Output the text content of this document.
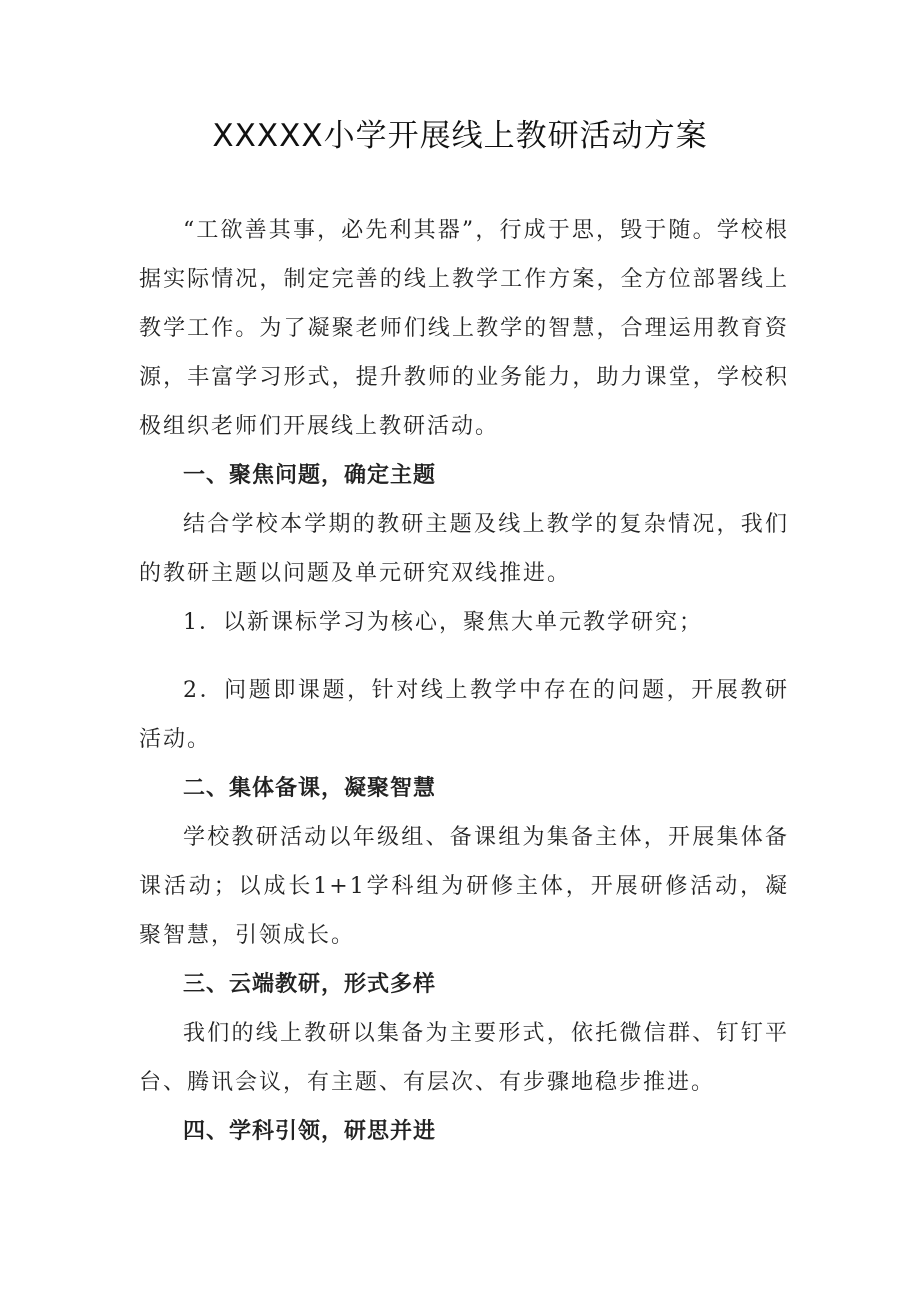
XXXXX小学开展线上教研活动方案

“工欲善其事，必先利其器”，行成于思，毁于随。学校根据实际情况，制定完善的线上教学工作方案，全方位部署线上教学工作。为了凝聚老师们线上教学的智慧，合理运用教育资源，丰富学习形式，提升教师的业务能力，助力课堂，学校积极组织老师们开展线上教研活动。

一、聚焦问题，确定主题

结合学校本学期的教研主题及线上教学的复杂情况，我们的教研主题以问题及单元研究双线推进。

1．以新课标学习为核心，聚焦大单元教学研究；

2．问题即课题，针对线上教学中存在的问题，开展教研活动。

二、集体备课，凝聚智慧

学校教研活动以年级组、备课组为集备主体，开展集体备课活动；以成长1+1学科组为研修主体，开展研修活动，凝聚智慧，引领成长。

三、云端教研，形式多样

我们的线上教研以集备为主要形式，依托微信群、钉钉平台、腾讯会议，有主题、有层次、有步骤地稳步推进。

四、学科引领，研思并进
